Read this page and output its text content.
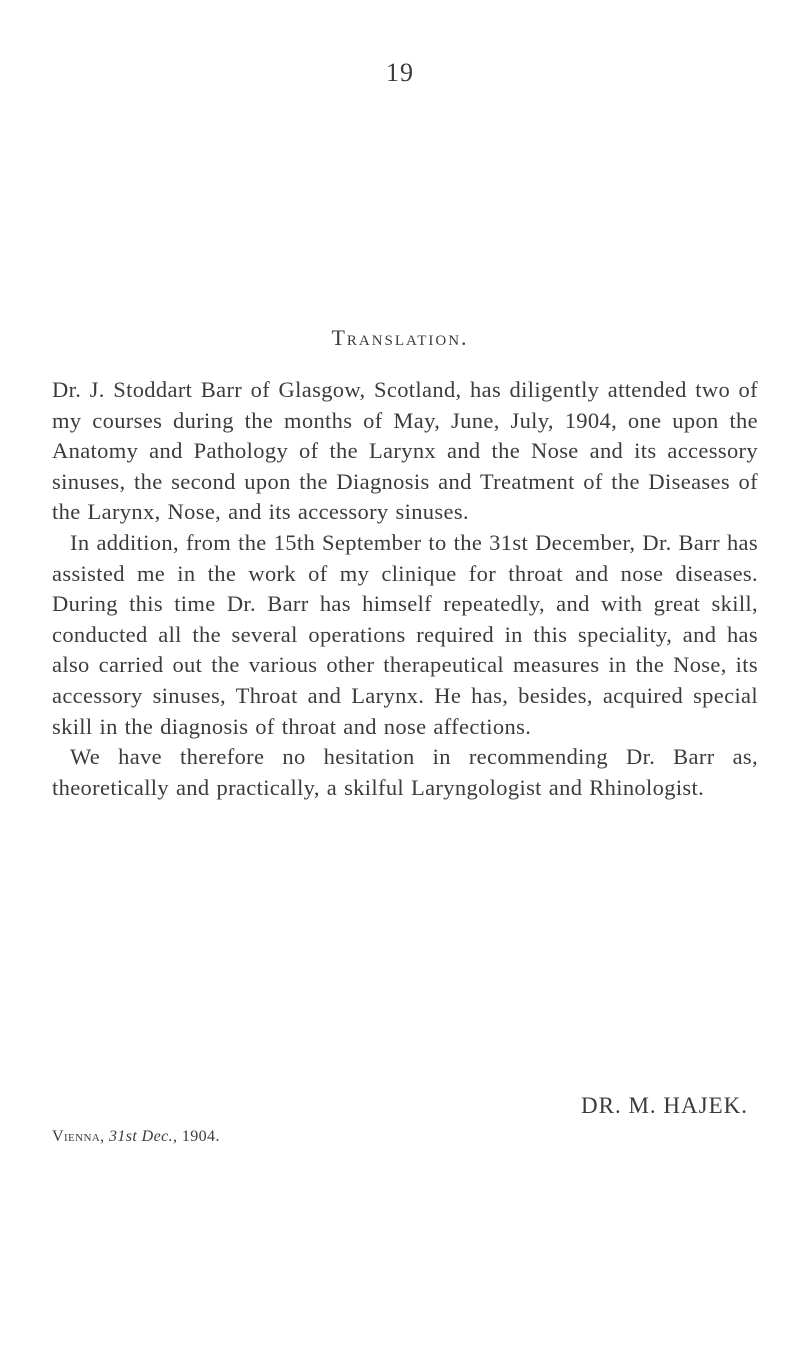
19
Translation.

Dr. J. Stoddart Barr of Glasgow, Scotland, has diligently attended two of my courses during the months of May, June, July, 1904, one upon the Anatomy and Pathology of the Larynx and the Nose and its accessory sinuses, the second upon the Diagnosis and Treatment of the Diseases of the Larynx, Nose, and its accessory sinuses.

In addition, from the 15th September to the 31st December, Dr. Barr has assisted me in the work of my clinique for throat and nose diseases. During this time Dr. Barr has himself repeatedly, and with great skill, conducted all the several operations required in this speciality, and has also carried out the various other therapeutical measures in the Nose, its accessory sinuses, Throat and Larynx. He has, besides, acquired special skill in the diagnosis of throat and nose affections.

We have therefore no hesitation in recommending Dr. Barr as, theoretically and practically, a skilful Laryngologist and Rhinologist.

DR. M. HAJEK.
Vienna, 31st Dec., 1904.
